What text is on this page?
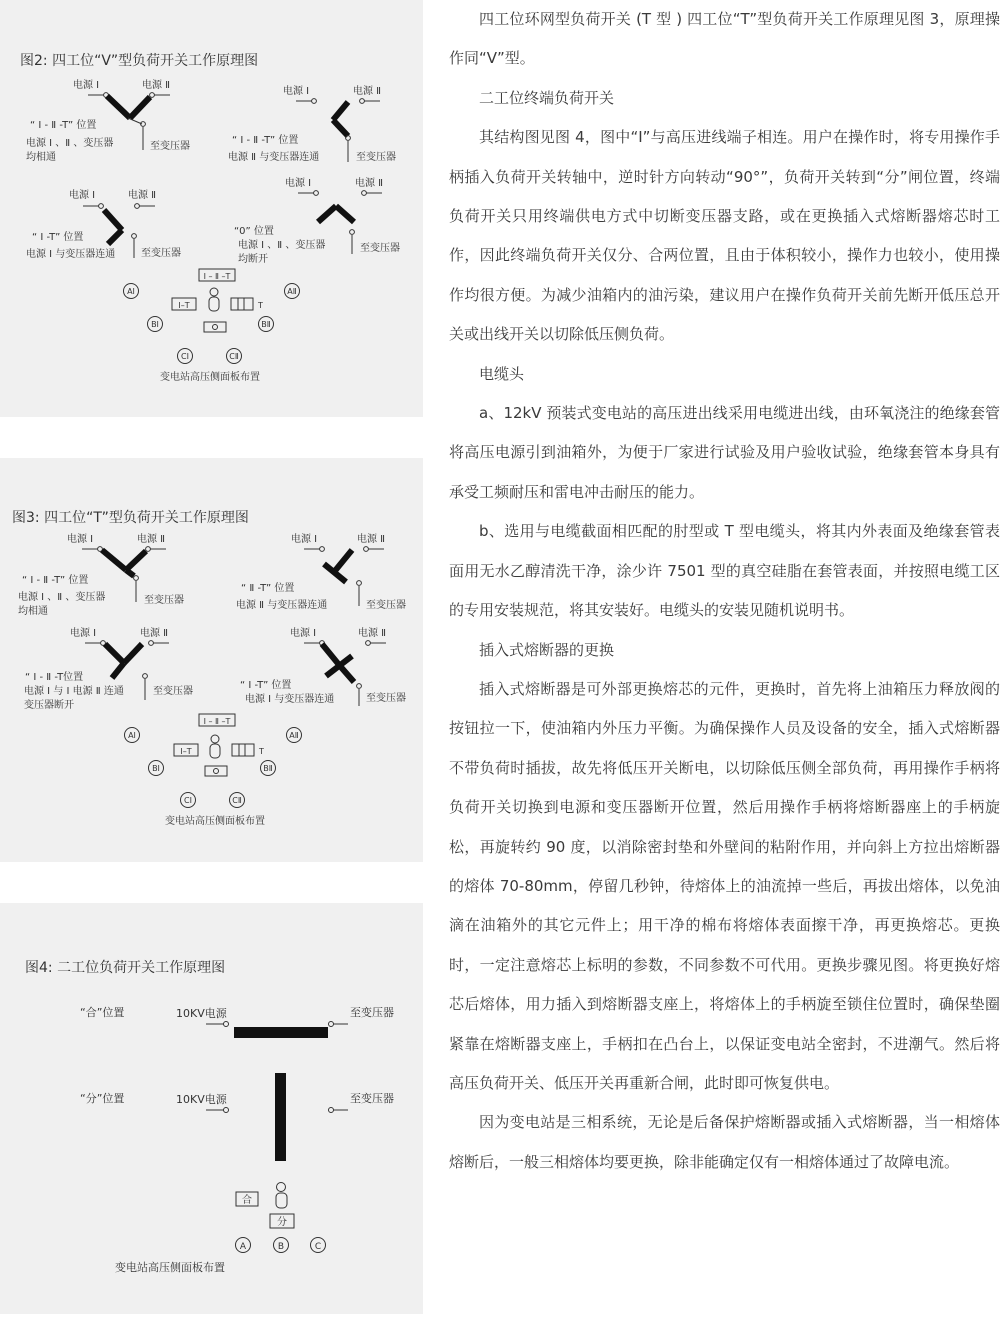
电源 Ⅰ	电源 Ⅱ
至变压器
“ Ⅰ - Ⅱ -T” 位置
电源 Ⅰ 、Ⅱ 、变压器
均相通
电源 Ⅰ	电源 Ⅱ
至变压器
“ Ⅰ - Ⅱ -T” 位置
电源 Ⅱ 与变压器连通
电源 Ⅰ	电源 Ⅱ
至变压器
“ Ⅰ -T” 位置
电源 Ⅰ 与变压器连通
电源 Ⅰ	电源 Ⅱ
至变压器
“0” 位置
电源 Ⅰ 、Ⅱ 、变压器
均断开
Ⅰ – Ⅱ –T
Ⅰ–T	T
AⅠ	AⅡ
BⅠ	BⅡ
CⅠ	CⅡ
变电站高压侧面板布置
图2: 四工位“V”型负荷开关工作原理图
电源 Ⅰ	电源 Ⅱ
至变压器
“ Ⅰ - Ⅱ -T” 位置
电源 Ⅰ 、Ⅱ 、变压器
均相通
电源 Ⅰ	电源 Ⅱ
至变压器
“ Ⅱ -T” 位置
电源 Ⅱ 与变压器连通
电源 Ⅰ	电源 Ⅱ
至变压器
“ Ⅰ - Ⅱ -T位置
电源 Ⅰ 与 Ⅰ 电源 Ⅱ 连通
变压器断开
电源 Ⅰ	电源 Ⅱ
至变压器
“ Ⅰ -T” 位置
电源 Ⅰ 与变压器连通
Ⅰ – Ⅱ –T
Ⅰ–T	T
AⅠ	AⅡ
BⅠ	BⅡ
CⅠ	CⅡ
变电站高压侧面板布置
图3: 四工位“T”型负荷开关工作原理图
“合”位置	10KV电源	至变压器
“分”位置	10KV电源	至变压器
合
分
A	B	C
变电站高压侧面板布置
图4: 二工位负荷开关工作原理图

四工位环网型负荷开关 (T 型 ) 四工位“T”型负荷开关工作原理见图 3，原理操作同“V”型。

二工位终端负荷开关

其结构图见图 4，图中“I”与高压进线端子相连。用户在操作时，将专用操作手柄插入负荷开关转轴中，逆时针方向转动“90°”，负荷开关转到“分”闸位置，终端负荷开关只用终端供电方式中切断变压器支路，或在更换插入式熔断器熔芯时工作，因此终端负荷开关仅分、合两位置，且由于体积较小，操作力也较小，使用操作均很方便。为减少油箱内的油污染，建议用户在操作负荷开关前先断开低压总开关或出线开关以切除低压侧负荷。

电缆头

a、12kV 预装式变电站的高压进出线采用电缆进出线，由环氧浇注的绝缘套管将高压电源引到油箱外，为便于厂家进行试验及用户验收试验，绝缘套管本身具有承受工频耐压和雷电冲击耐压的能力。

b、选用与电缆截面相匹配的肘型或 T 型电缆头，将其内外表面及绝缘套管表面用无水乙醇清洗干净，涂少许 7501 型的真空硅脂在套管表面，并按照电缆工区的专用安装规范，将其安装好。电缆头的安装见随机说明书。

插入式熔断器的更换

插入式熔断器是可外部更换熔芯的元件，更换时，首先将上油箱压力释放阀的按钮拉一下，使油箱内外压力平衡。为确保操作人员及设备的安全，插入式熔断器不带负荷时插拔，故先将低压开关断电，以切除低压侧全部负荷，再用操作手柄将负荷开关切换到电源和变压器断开位置，然后用操作手柄将熔断器座上的手柄旋松，再旋转约 90 度，以消除密封垫和外壁间的粘附作用，并向斜上方拉出熔断器的熔体 70-80mm，停留几秒钟，待熔体上的油流掉一些后，再拔出熔体，以免油滴在油箱外的其它元件上；用干净的棉布将熔体表面擦干净，再更换熔芯。更换时，一定注意熔芯上标明的参数，不同参数不可代用。更换步骤见图。将更换好熔芯后熔体，用力插入到熔断器支座上，将熔体上的手柄旋至锁住位置时，确保垫圈紧靠在熔断器支座上，手柄扣在凸台上，以保证变电站全密封，不进潮气。然后将高压负荷开关、低压开关再重新合闸，此时即可恢复供电。

因为变电站是三相系统，无论是后备保护熔断器或插入式熔断器，当一相熔体熔断后，一般三相熔体均要更换，除非能确定仅有一相熔体通过了故障电流。
